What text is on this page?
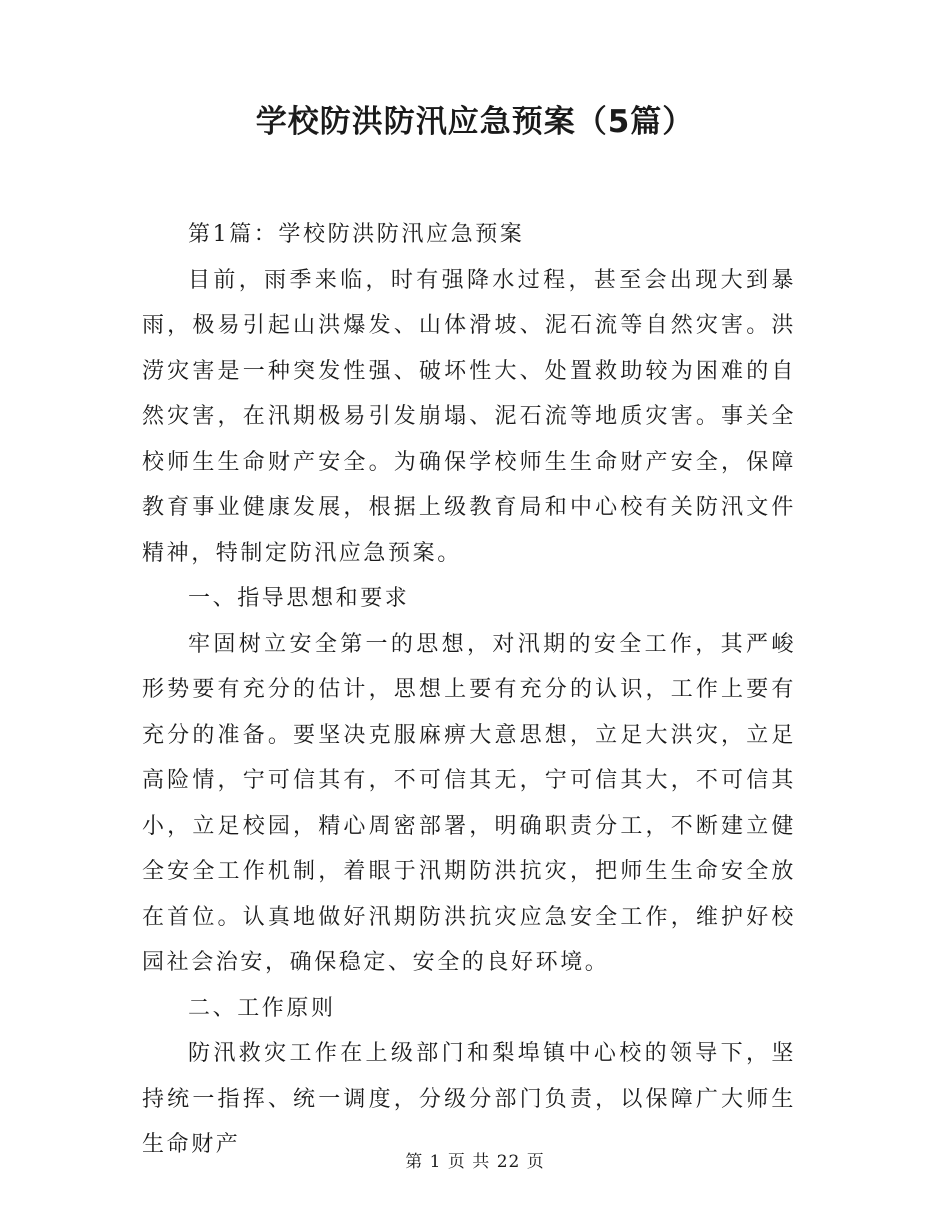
学校防洪防汛应急预案（5篇）

第1篇：学校防洪防汛应急预案

目前，雨季来临，时有强降水过程，甚至会出现大到暴雨，极易引起山洪爆发、山体滑坡、泥石流等自然灾害。洪涝灾害是一种突发性强、破坏性大、处置救助较为困难的自然灾害，在汛期极易引发崩塌、泥石流等地质灾害。事关全校师生生命财产安全。为确保学校师生生命财产安全，保障教育事业健康发展，根据上级教育局和中心校有关防汛文件精神，特制定防汛应急预案。

一、指导思想和要求

牢固树立安全第一的思想，对汛期的安全工作，其严峻形势要有充分的估计，思想上要有充分的认识，工作上要有充分的准备。要坚决克服麻痹大意思想，立足大洪灾，立足高险情，宁可信其有，不可信其无，宁可信其大，不可信其小，立足校园，精心周密部署，明确职责分工，不断建立健全安全工作机制，着眼于汛期防洪抗灾，把师生生命安全放在首位。认真地做好汛期防洪抗灾应急安全工作，维护好校园社会治安，确保稳定、安全的良好环境。

二、工作原则

防汛救灾工作在上级部门和梨埠镇中心校的领导下，坚持统一指挥、统一调度，分级分部门负责，以保障广大师生生命财产

第 1 页 共 22 页
